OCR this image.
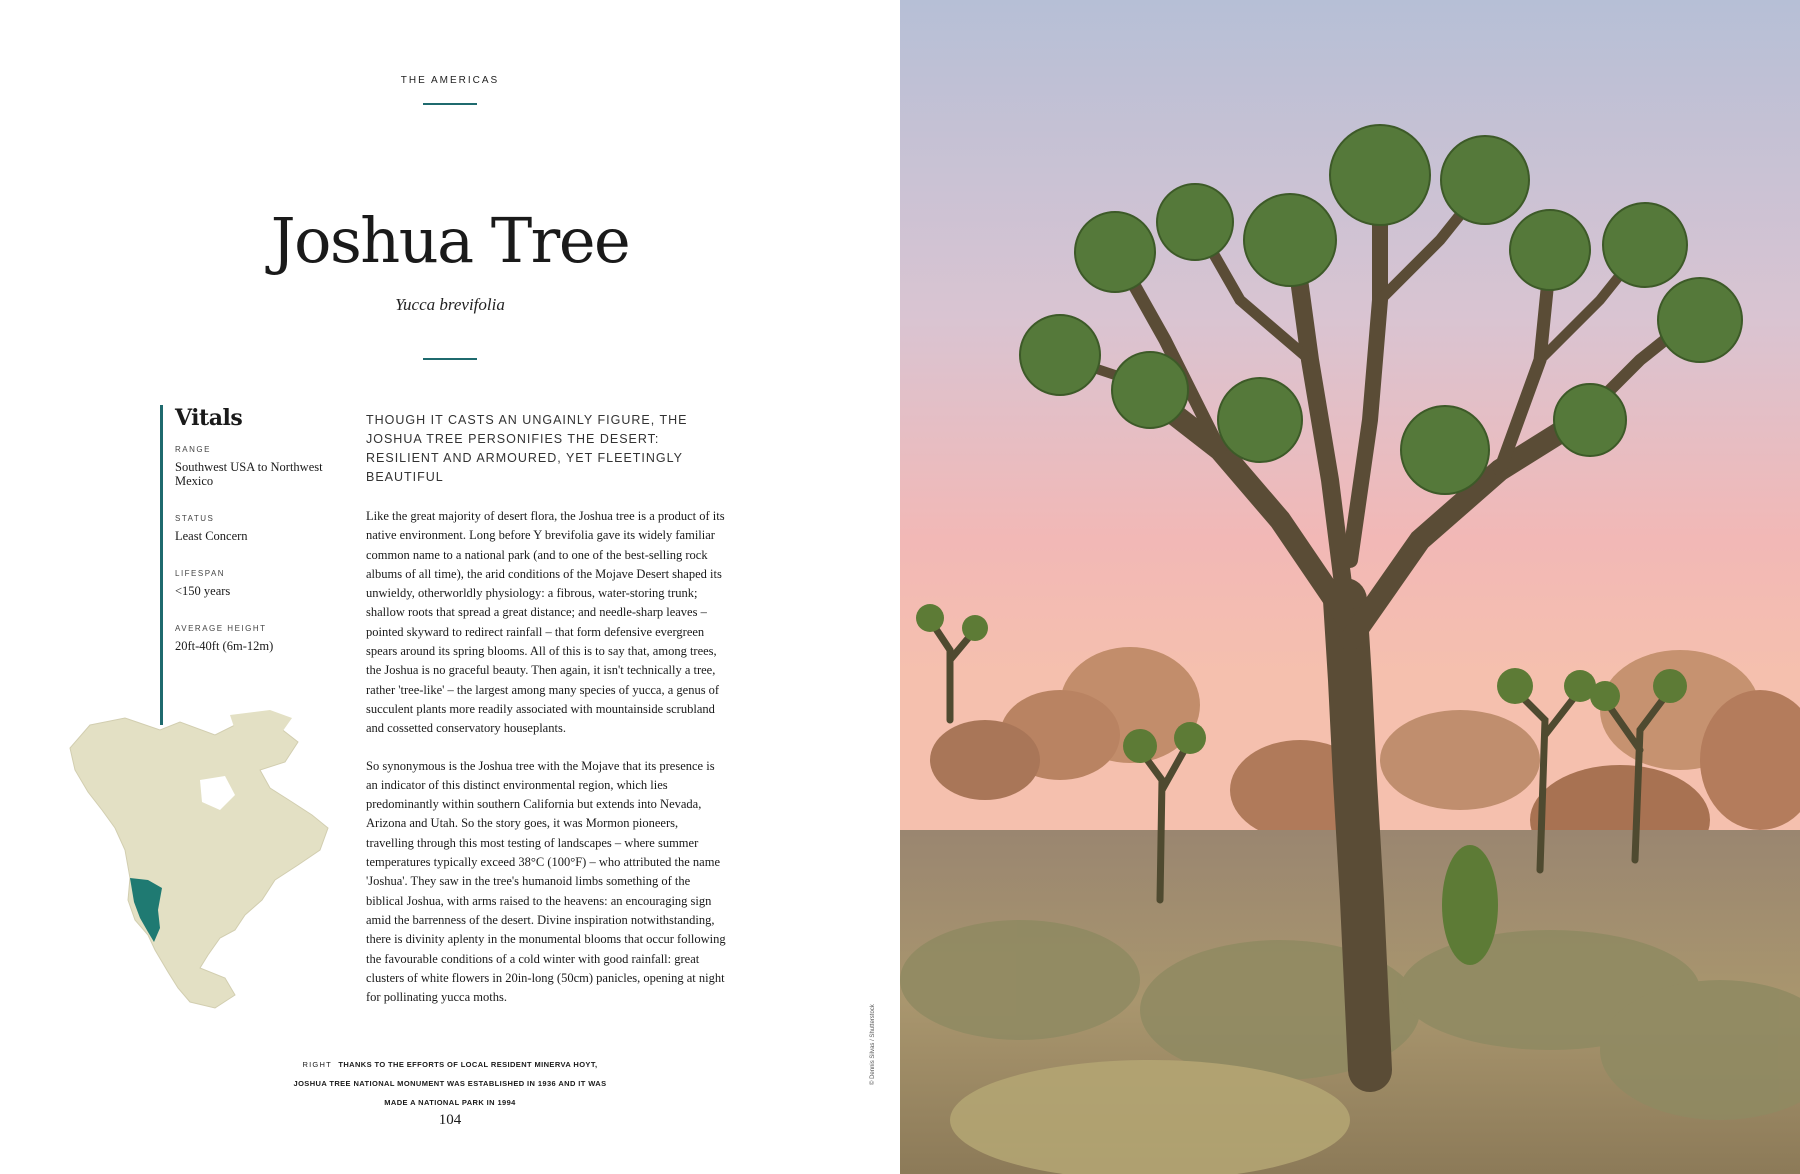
THE AMERICAS
Joshua Tree
Yucca brevifolia
Vitals
RANGE
Southwest USA to Northwest Mexico
STATUS
Least Concern
LIFESPAN
<150 years
AVERAGE HEIGHT
20ft-40ft (6m-12m)

THOUGH IT CASTS AN UNGAINLY FIGURE, THE JOSHUA TREE PERSONIFIES THE DESERT: RESILIENT AND ARMOURED, YET FLEETINGLY BEAUTIFUL

Like the great majority of desert flora, the Joshua tree is a product of its native environment. Long before Y brevifolia gave its widely familiar common name to a national park (and to one of the best-selling rock albums of all time), the arid conditions of the Mojave Desert shaped its unwieldy, otherworldly physiology: a fibrous, water-storing trunk; shallow roots that spread a great distance; and needle-sharp leaves – pointed skyward to redirect rainfall – that form defensive evergreen spears around its spring blooms. All of this is to say that, among trees, the Joshua is no graceful beauty. Then again, it isn't technically a tree, rather 'tree-like' – the largest among many species of yucca, a genus of succulent plants more readily associated with mountainside scrubland and cossetted conservatory houseplants.

So synonymous is the Joshua tree with the Mojave that its presence is an indicator of this distinct environmental region, which lies predominantly within southern California but extends into Nevada, Arizona and Utah. So the story goes, it was Mormon pioneers, travelling through this most testing of landscapes – where summer temperatures typically exceed 38°C (100°F) – who attributed the name 'Joshua'. They saw in the tree's humanoid limbs something of the biblical Joshua, with arms raised to the heavens: an encouraging sign amid the barrenness of the desert. Divine inspiration notwithstanding, there is divinity aplenty in the monumental blooms that occur following the favourable conditions of a cold winter with good rainfall: great clusters of white flowers in 20in-long (50cm) panicles, opening at night for pollinating yucca moths.

RIGHT THANKS TO THE EFFORTS OF LOCAL RESIDENT MINERVA HOYT, JOSHUA TREE NATIONAL MONUMENT WAS ESTABLISHED IN 1936 AND IT WAS MADE A NATIONAL PARK IN 1994
104
© Dennis Silvas / Shutterstock
